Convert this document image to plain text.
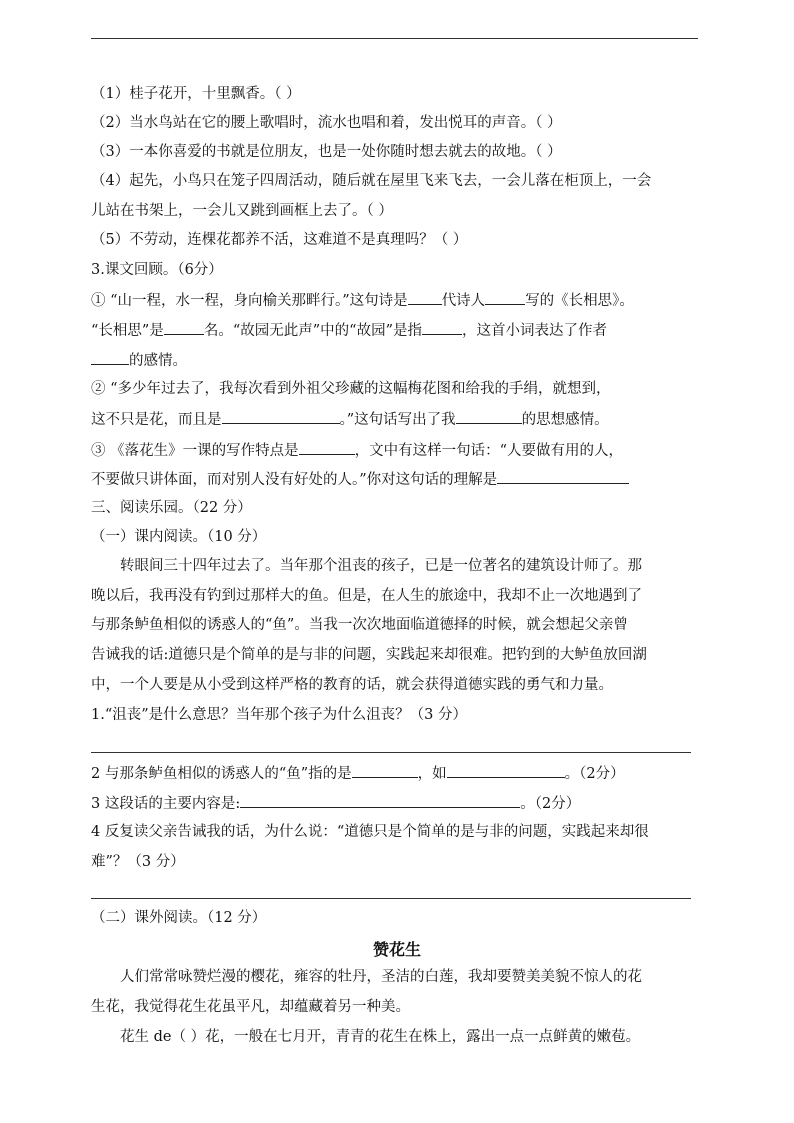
（1）桂子花开，十里飘香。（ ）
（2）当水鸟站在它的腰上歌唱时，流水也唱和着，发出悦耳的声音。（ ）
（3）一本你喜爱的书就是位朋友，也是一处你随时想去就去的故地。（ ）
（4）起先，小鸟只在笼子四周活动，随后就在屋里飞来飞去，一会儿落在柜顶上，一会
儿站在书架上，一会儿又跳到画框上去了。（ ）
（5）不劳动，连棵花都养不活，这难道不是真理吗？（ ）
3.课文回顾。（6分）
① “山一程，水一程，身向榆关那畔行。”这句诗是 代诗人	写的《长相思》。
“长相思”是	名。“故园无此声”中的“故园”是指	，这首小词表达了作者
的感情。
② “多少年过去了，我每次看到外祖父珍藏的这幅梅花图和给我的手绢，就想到，
这不只是花，而且是	。”这句话写出了我	的思想感情。
③ 《落花生》一课的写作特点是	，文中有这样一句话：“人要做有用的人，
不要做只讲体面，而对别人没有好处的人。”你对这句话的理解是
三、阅读乐园。（22 分）
（一）课内阅读。（10 分）
转眼间三十四年过去了。当年那个沮丧的孩子，已是一位著名的建筑设计师了。那
晚以后，我再没有钓到过那样大的鱼。但是，在人生的旅途中，我却不止一次地遇到了
与那条鲈鱼相似的诱惑人的“鱼”。当我一次次地面临道德择的时候，就会想起父亲曾
告诫我的话:道德只是个简单的是与非的问题，实践起来却很难。把钓到的大鲈鱼放回湖
中，一个人要是从小受到这样严格的教育的话，就会获得道德实践的勇气和力量。
1.“沮丧”是什么意思？当年那个孩子为什么沮丧？（3 分）
2 与那条鲈鱼相似的诱惑人的“鱼”指的是	，如	。（2分）
3 这段话的主要内容是:	。（2分）
4 反复读父亲告诫我的话，为什么说：“道德只是个简单的是与非的问题，实践起来却很
难”？（3 分）
（二）课外阅读。（12 分）
赞花生
人们常常咏赞烂漫的樱花，雍容的牡丹，圣洁的白莲，我却要赞美美貌不惊人的花
生花，我觉得花生花虽平凡，却蕴藏着另一种美。
花生 de（ ）花，一般在七月开，青青的花生在株上，露出一点一点鲜黄的嫩苞。
